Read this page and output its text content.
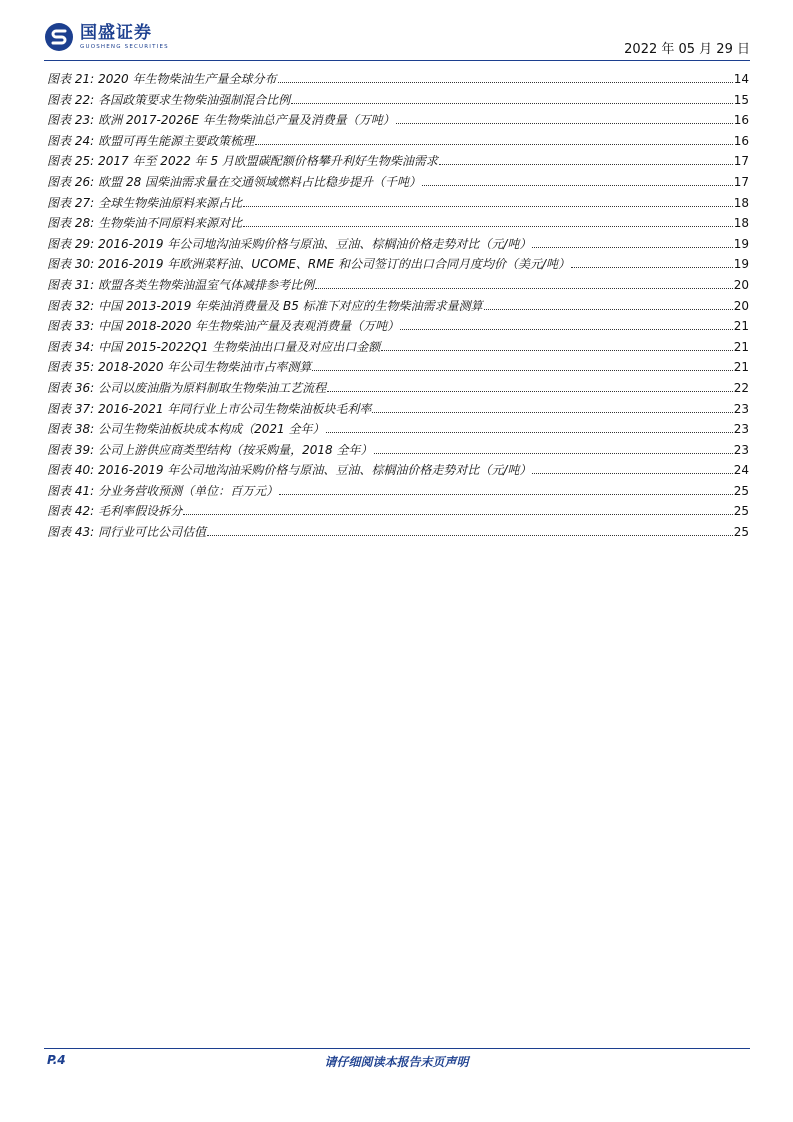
国盛证券
GUOSHENG SECURITIES	2022 年 05 月 29 日
图表 21: 2020 年生物柴油生产量全球分布	14
图表 22: 各国政策要求生物柴油强制混合比例	15
图表 23: 欧洲 2017-2026E 年生物柴油总产量及消费量（万吨）	16
图表 24: 欧盟可再生能源主要政策梳理	16
图表 25: 2017 年至 2022 年 5 月欧盟碳配额价格攀升利好生物柴油需求	17
图表 26: 欧盟 28 国柴油需求量在交通领域燃料占比稳步提升（千吨）	17
图表 27: 全球生物柴油原料来源占比	18
图表 28: 生物柴油不同原料来源对比	18
图表 29: 2016-2019 年公司地沟油采购价格与原油、豆油、棕榈油价格走势对比（元/吨）	19
图表 30: 2016-2019 年欧洲菜籽油、UCOME、RME 和公司签订的出口合同月度均价（美元/吨）	19
图表 31: 欧盟各类生物柴油温室气体减排参考比例	20
图表 32: 中国 2013-2019 年柴油消费量及 B5 标准下对应的生物柴油需求量测算	20
图表 33: 中国 2018-2020 年生物柴油产量及表观消费量（万吨）	21
图表 34: 中国 2015-2022Q1 生物柴油出口量及对应出口金额	21
图表 35: 2018-2020 年公司生物柴油市占率测算	21
图表 36: 公司以废油脂为原料制取生物柴油工艺流程	22
图表 37: 2016-2021 年同行业上市公司生物柴油板块毛利率	23
图表 38: 公司生物柴油板块成本构成（2021 全年）	23
图表 39: 公司上游供应商类型结构（按采购量，2018 全年）	23
图表 40: 2016-2019 年公司地沟油采购价格与原油、豆油、棕榈油价格走势对比（元/吨）	24
图表 41: 分业务营收预测（单位：百万元）	25
图表 42: 毛利率假设拆分	25
图表 43: 同行业可比公司估值	25
请仔细阅读本报告末页声明
P.4
